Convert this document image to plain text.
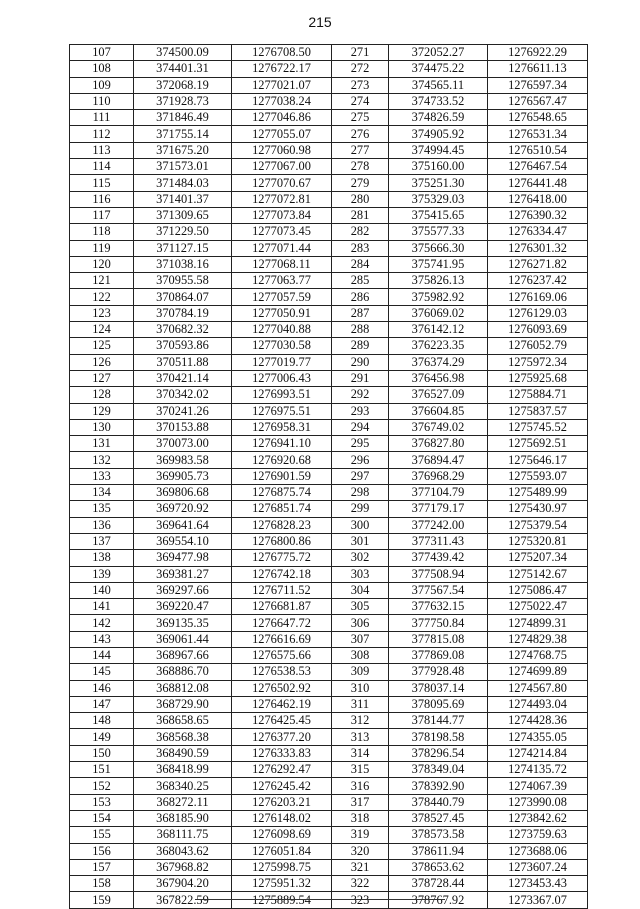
215
107	374500.09	1276708.50	271	372052.27	1276922.29
108	374401.31	1276722.17	272	374475.22	1276611.13
109	372068.19	1277021.07	273	374565.11	1276597.34
110	371928.73	1277038.24	274	374733.52	1276567.47
111	371846.49	1277046.86	275	374826.59	1276548.65
112	371755.14	1277055.07	276	374905.92	1276531.34
113	371675.20	1277060.98	277	374994.45	1276510.54
114	371573.01	1277067.00	278	375160.00	1276467.54
115	371484.03	1277070.67	279	375251.30	1276441.48
116	371401.37	1277072.81	280	375329.03	1276418.00
117	371309.65	1277073.84	281	375415.65	1276390.32
118	371229.50	1277073.45	282	375577.33	1276334.47
119	371127.15	1277071.44	283	375666.30	1276301.32
120	371038.16	1277068.11	284	375741.95	1276271.82
121	370955.58	1277063.77	285	375826.13	1276237.42
122	370864.07	1277057.59	286	375982.92	1276169.06
123	370784.19	1277050.91	287	376069.02	1276129.03
124	370682.32	1277040.88	288	376142.12	1276093.69
125	370593.86	1277030.58	289	376223.35	1276052.79
126	370511.88	1277019.77	290	376374.29	1275972.34
127	370421.14	1277006.43	291	376456.98	1275925.68
128	370342.02	1276993.51	292	376527.09	1275884.71
129	370241.26	1276975.51	293	376604.85	1275837.57
130	370153.88	1276958.31	294	376749.02	1275745.52
131	370073.00	1276941.10	295	376827.80	1275692.51
132	369983.58	1276920.68	296	376894.47	1275646.17
133	369905.73	1276901.59	297	376968.29	1275593.07
134	369806.68	1276875.74	298	377104.79	1275489.99
135	369720.92	1276851.74	299	377179.17	1275430.97
136	369641.64	1276828.23	300	377242.00	1275379.54
137	369554.10	1276800.86	301	377311.43	1275320.81
138	369477.98	1276775.72	302	377439.42	1275207.34
139	369381.27	1276742.18	303	377508.94	1275142.67
140	369297.66	1276711.52	304	377567.54	1275086.47
141	369220.47	1276681.87	305	377632.15	1275022.47
142	369135.35	1276647.72	306	377750.84	1274899.31
143	369061.44	1276616.69	307	377815.08	1274829.38
144	368967.66	1276575.66	308	377869.08	1274768.75
145	368886.70	1276538.53	309	377928.48	1274699.89
146	368812.08	1276502.92	310	378037.14	1274567.80
147	368729.90	1276462.19	311	378095.69	1274493.04
148	368658.65	1276425.45	312	378144.77	1274428.36
149	368568.38	1276377.20	313	378198.58	1274355.05
150	368490.59	1276333.83	314	378296.54	1274214.84
151	368418.99	1276292.47	315	378349.04	1274135.72
152	368340.25	1276245.42	316	378392.90	1274067.39
153	368272.11	1276203.21	317	378440.79	1273990.08
154	368185.90	1276148.02	318	378527.45	1273842.62
155	368111.75	1276098.69	319	378573.58	1273759.63
156	368043.62	1276051.84	320	378611.94	1273688.06
157	367968.82	1275998.75	321	378653.62	1273607.24
158	367904.20	1275951.32	322	378728.44	1273453.43
159	367822.59	1275889.54	323	378767.92	1273367.07
